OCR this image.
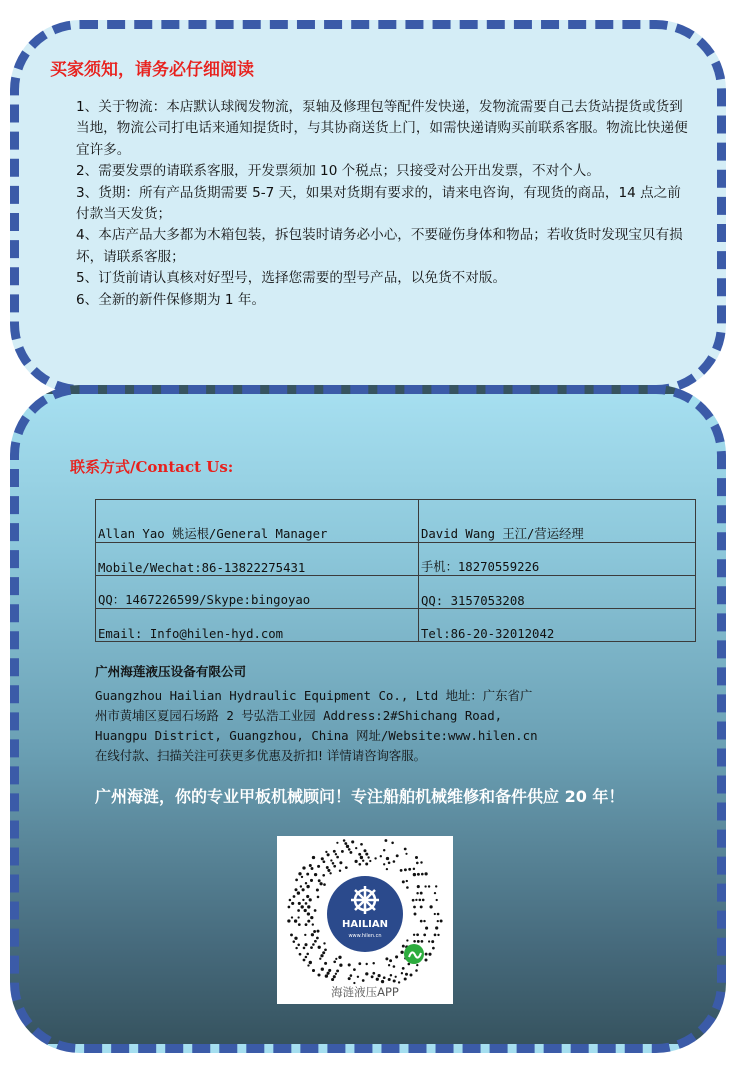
买家须知，请务必仔细阅读

1、关于物流：本店默认球阀发物流，泵轴及修理包等配件发快递，发物流需要自己去货站提货或货到当地，物流公司打电话来通知提货时，与其协商送货上门，如需快递请购买前联系客服。物流比快递便宜许多。

2、需要发票的请联系客服，开发票须加 10 个税点；只接受对公开出发票，不对个人。

3、货期：所有产品货期需要 5-7 天，如果对货期有要求的，请来电咨询，有现货的商品，14 点之前付款当天发货；

4、本店产品大多都为木箱包装，拆包装时请务必小心，不要碰伤身体和物品；若收货时发现宝贝有损坏，请联系客服；

5、订货前请认真核对好型号，选择您需要的型号产品，以免货不对版。

6、全新的新件保修期为 1 年。

联系方式/Contact Us:
Allan Yao 姚运根/General Manager	David Wang 王江/营运经理
Mobile/Wechat:86-13822275431	手机：18270559226
QQ：1467226599/Skype:bingoyao	QQ: 3157053208
Email: Info@hilen-hyd.com	Tel:86-20-32012042
广州海莲液压设备有限公司
Guangzhou Hailian Hydraulic Equipment Co., Ltd 地址：广东省广
州市黄埔区夏园石场路 2 号弘浩工业园 Address:2#Shichang Road,
Huangpu District, Guangzhou, China 网址/Website:www.hilen.cn
在线付款、扫描关注可获更多优惠及折扣! 详情请咨询客服。
广州海涟，你的专业甲板机械顾问！专注船舶机械维修和备件供应 20 年！
HAILIAN
www.hilen.cn
海涟液压APP
